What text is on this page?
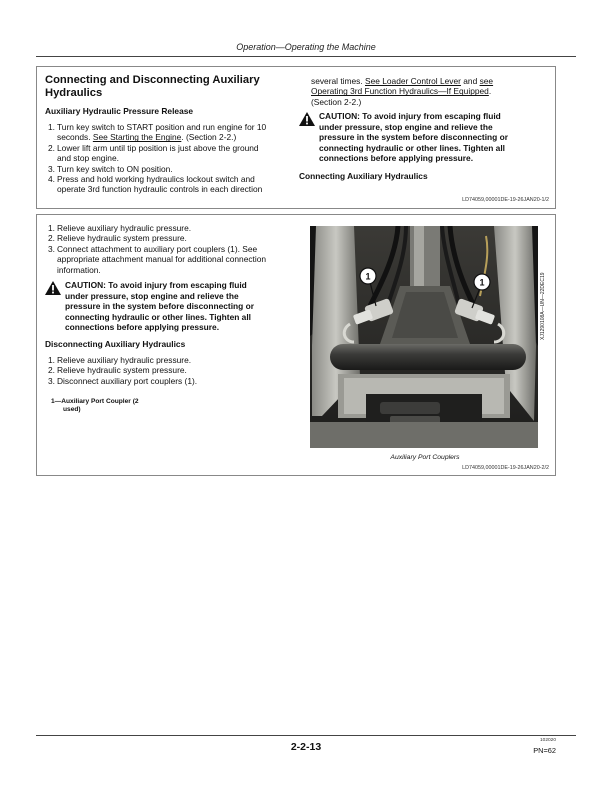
Operation—Operating the Machine
Connecting and Disconnecting Auxiliary
Hydraulics
Auxiliary Hydraulic Pressure Release
1. Turn key switch to START position and run engine for 10
seconds. See Starting the Engine. (Section 2-2.)
2. Lower lift arm until tip position is just above the ground
and stop engine.
3. Turn key switch to ON position.
4. Press and hold working hydraulics lockout switch and
operate 3rd function hydraulic controls in each direction
several times. See Loader Control Lever and see
Operating 3rd Function Hydraulics—If Equipped.
(Section 2-2.)
CAUTION: To avoid injury from escaping fluid
under pressure, stop engine and relieve the
pressure in the system before disconnecting or
connecting hydraulic or other lines. Tighten all
connections before applying pressure.
Connecting Auxiliary Hydraulics
LD74059,00001DE-19-26JAN20-1/2
1. Relieve auxiliary hydraulic pressure.
2. Relieve hydraulic system pressure.
3. Connect attachment to auxiliary port couplers (1). See
appropriate attachment manual for additional connection
information.
CAUTION: To avoid injury from escaping fluid
under pressure, stop engine and relieve the
pressure in the system before disconnecting or
connecting hydraulic or other lines. Tighten all
connections before applying pressure.
Disconnecting Auxiliary Hydraulics
1. Relieve auxiliary hydraulic pressure.
2. Relieve hydraulic system pressure.
3. Disconnect auxiliary port couplers (1).
1—Auxiliary Port Coupler (2
used)
Auxiliary Port Couplers
LD74059,00001DE-19-26JAN20-2/2
1
1	XJ1290108A—UN—22DEC19
2-2-13
102020
PN=62
